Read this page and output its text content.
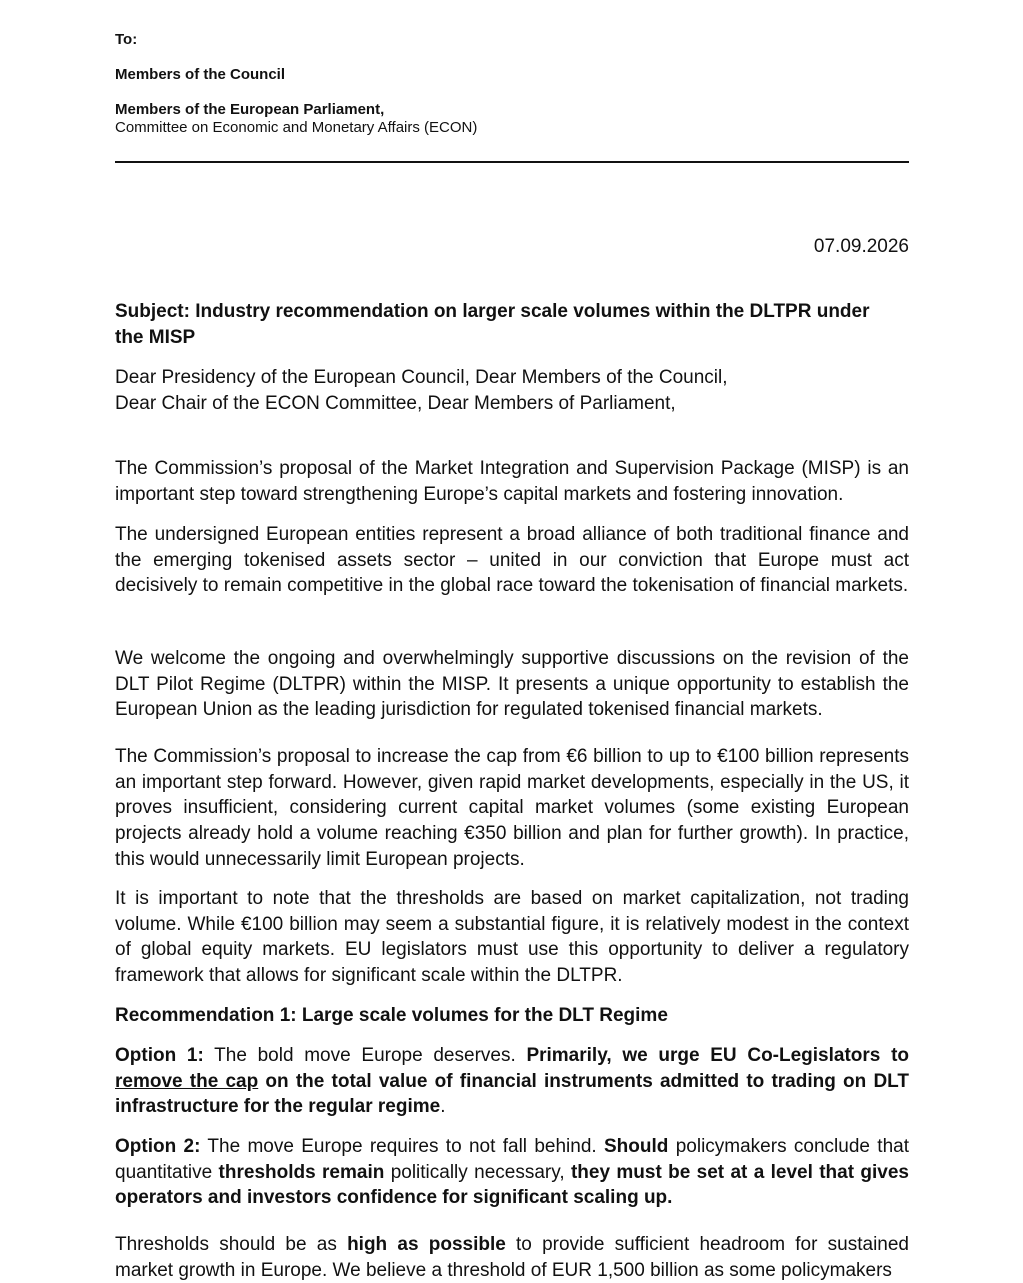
To:
Members of the Council
Members of the European Parliament,
Committee on Economic and Monetary Affairs (ECON)
07.09.2026
Subject: Industry recommendation on larger scale volumes within the DLTPR under
the MISP
Dear Presidency of the European Council, Dear Members of the Council,
Dear Chair of the ECON Committee, Dear Members of Parliament,

The Commission’s proposal of the Market Integration and Supervision Package (MISP) is an important step toward strengthening Europe’s capital markets and fostering innovation.

The undersigned European entities represent a broad alliance of both traditional finance and the emerging tokenised assets sector – united in our conviction that Europe must act decisively to remain competitive in the global race toward the tokenisation of financial markets.

We welcome the ongoing and overwhelmingly supportive discussions on the revision of the DLT Pilot Regime (DLTPR) within the MISP. It presents a unique opportunity to establish the European Union as the leading jurisdiction for regulated tokenised financial markets.

The Commission’s proposal to increase the cap from €6 billion to up to €100 billion represents an important step forward. However, given rapid market developments, especially in the US, it proves insufficient, considering current capital market volumes (some existing European projects already hold a volume reaching €350 billion and plan for further growth). In practice, this would unnecessarily limit European projects.

It is important to note that the thresholds are based on market capitalization, not trading volume. While €100 billion may seem a substantial figure, it is relatively modest in the context of global equity markets. EU legislators must use this opportunity to deliver a regulatory framework that allows for significant scale within the DLTPR.

Recommendation 1: Large scale volumes for the DLT Regime

Option 1: The bold move Europe deserves. Primarily, we urge EU Co-Legislators to remove the cap on the total value of financial instruments admitted to trading on DLT infrastructure for the regular regime.

Option 2: The move Europe requires to not fall behind. Should policymakers conclude that quantitative thresholds remain politically necessary, they must be set at a level that gives operators and investors confidence for significant scaling up.

Thresholds should be as high as possible to provide sufficient headroom for sustained market growth in Europe. We believe a threshold of EUR 1,500 billion as some policymakers
